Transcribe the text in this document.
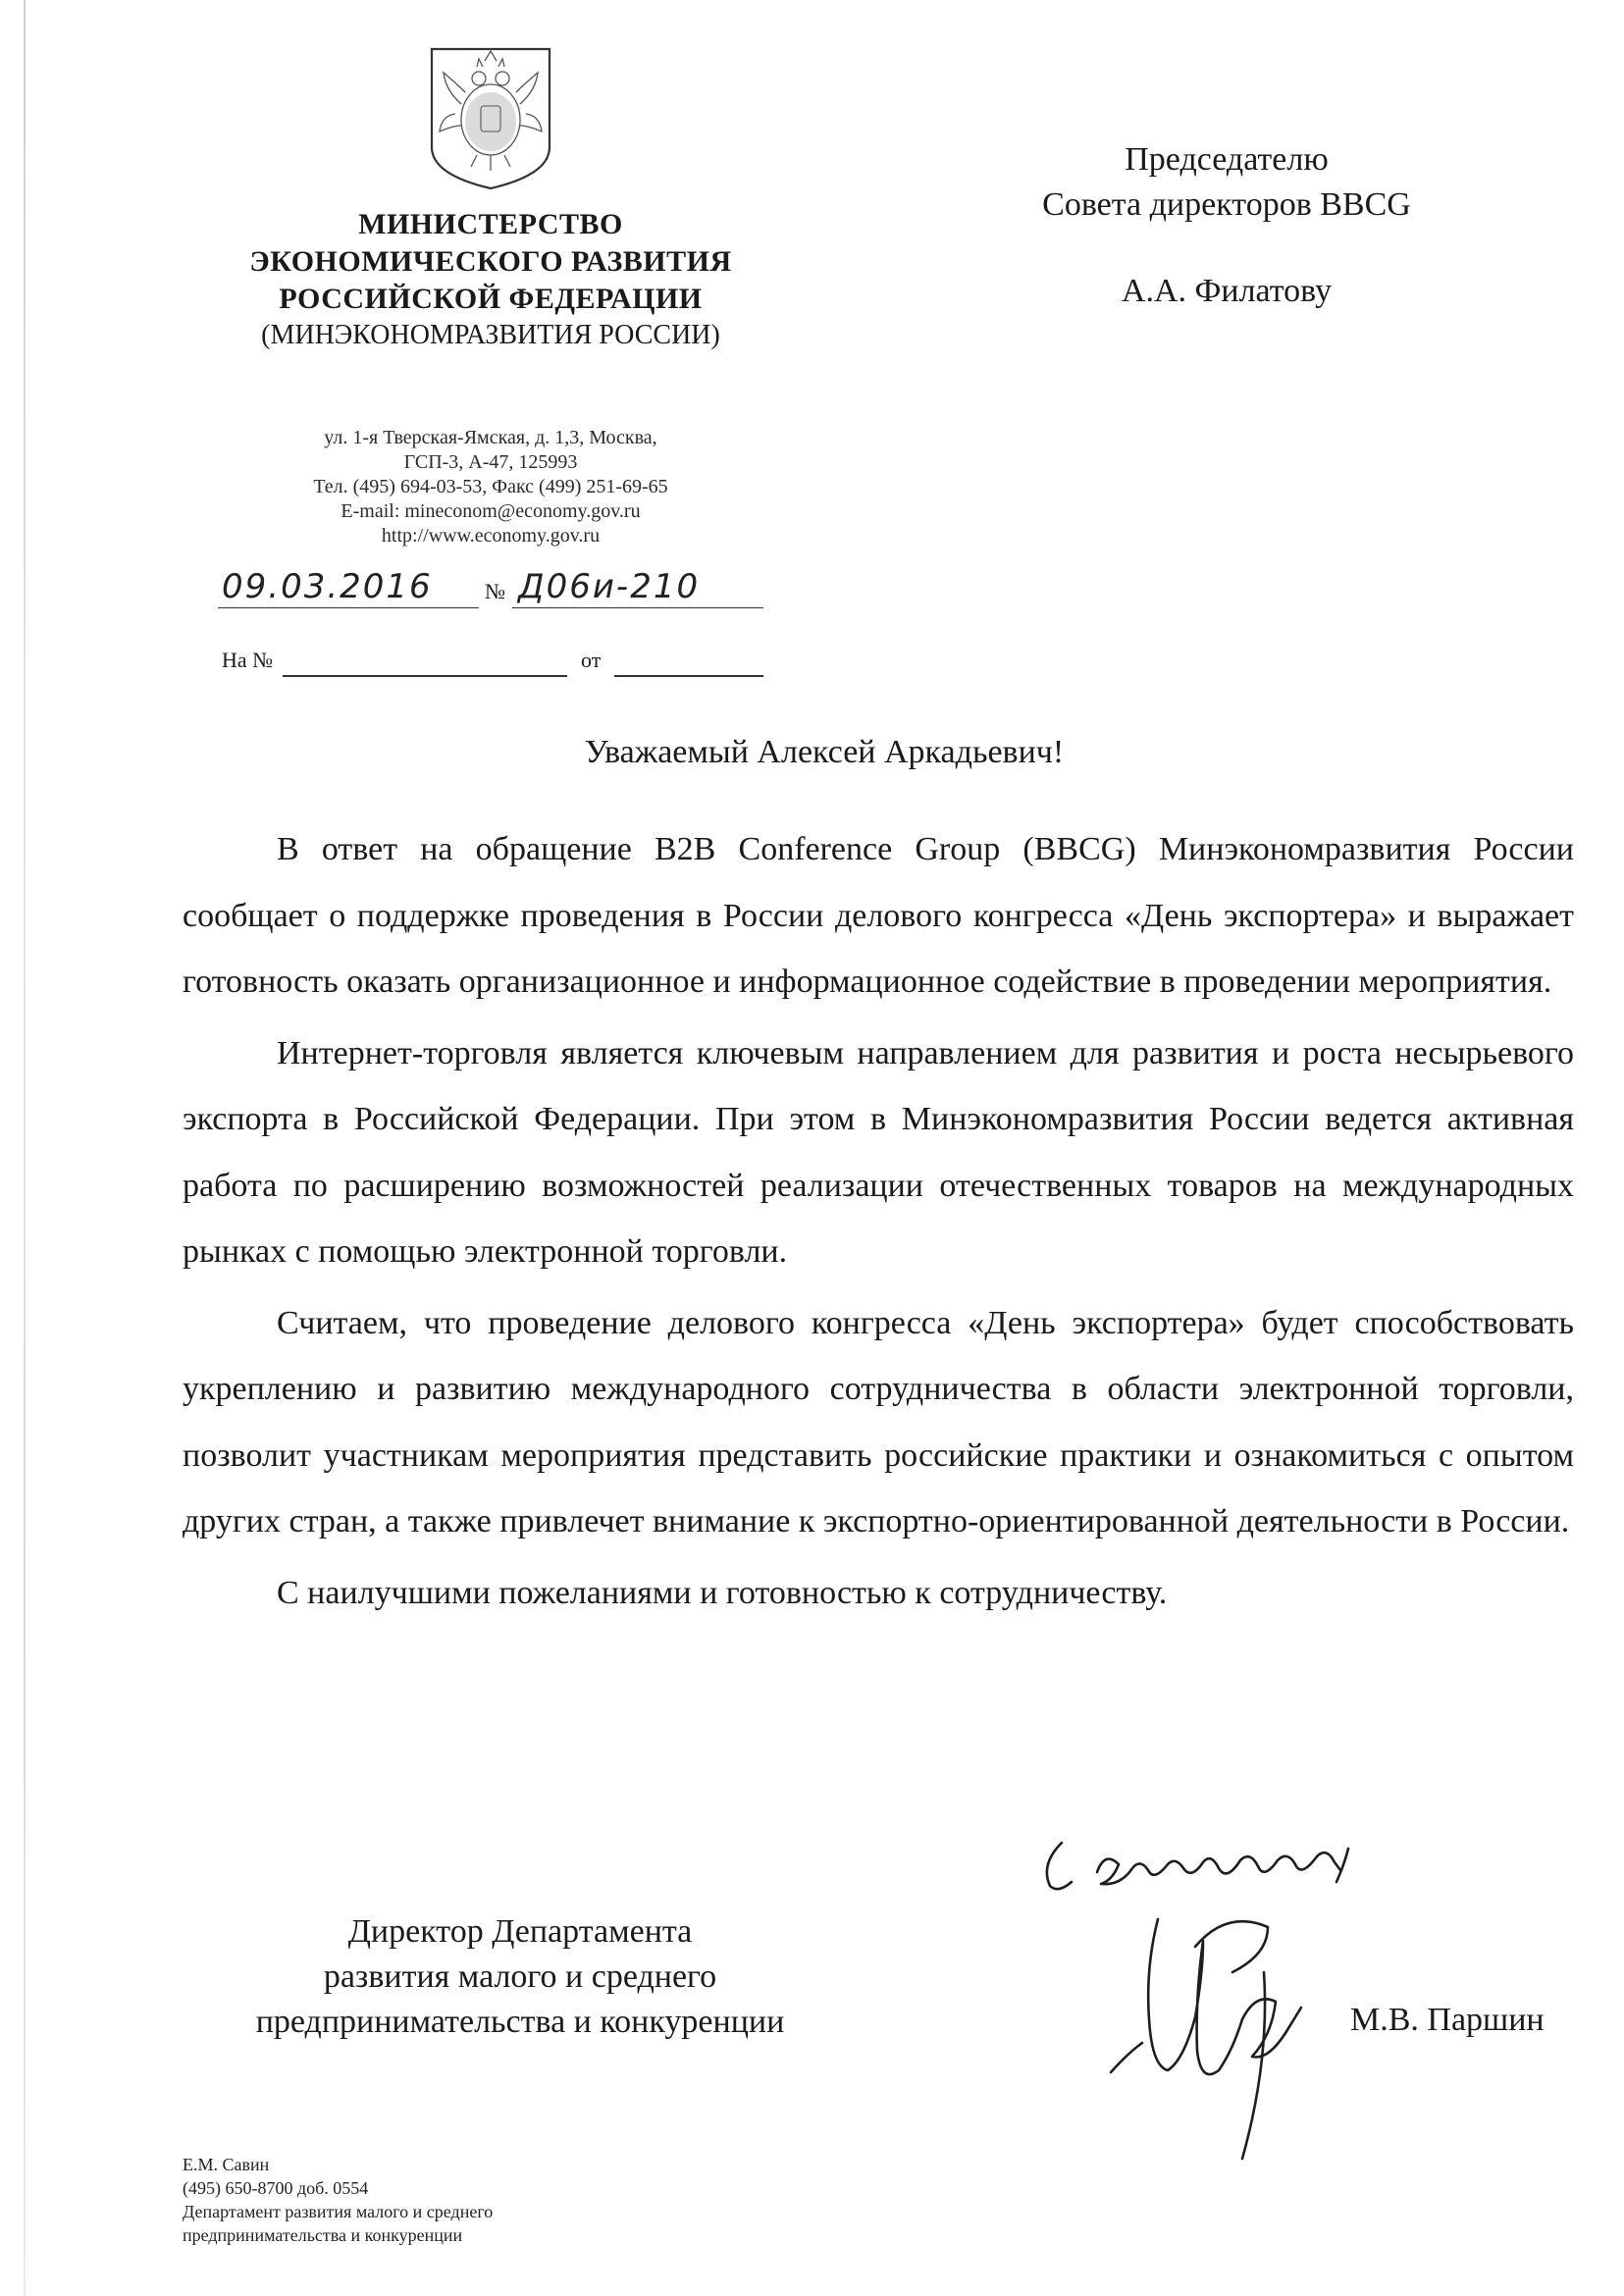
МИНИСТЕРСТВО
ЭКОНОМИЧЕСКОГО РАЗВИТИЯ
РОССИЙСКОЙ ФЕДЕРАЦИИ
(МИНЭКОНОМРАЗВИТИЯ РОССИИ)
ул. 1-я Тверская-Ямская, д. 1,3, Москва,
ГСП-3, А-47, 125993
Тел. (495) 694-03-53, Факс (499) 251-69-65
E-mail: mineconom@economy.gov.ru
http://www.economy.gov.ru
09.03.2016 № Д06и-210
На №	от
Председателю
Совета директоров BBCG
А.А. Филатову
Уважаемый Алексей Аркадьевич!

В ответ на обращение B2B Conference Group (BBCG) Минэкономразвития России сообщает о поддержке проведения в России делового конгресса «День экспортера» и выражает готовность оказать организационное и информационное содействие в проведении мероприятия.

Интернет-торговля является ключевым направлением для развития и роста несырьевого экспорта в Российской Федерации. При этом в Минэкономразвития России ведется активная работа по расширению возможностей реализации отечественных товаров на международных рынках с помощью электронной торговли.

Считаем, что проведение делового конгресса «День экспортера» будет способствовать укреплению и развитию международного сотрудничества в области электронной торговли, позволит участникам мероприятия представить российские практики и ознакомиться с опытом других стран, а также привлечет внимание к экспортно-ориентированной деятельности в России.

С наилучшими пожеланиями и готовностью к сотрудничеству.

Директор Департамента
развития малого и среднего
предпринимательства и конкуренции	М.В. Паршин
Е.М. Савин
(495) 650-8700 доб. 0554
Департамент развития малого и среднего
предпринимательства и конкуренции
